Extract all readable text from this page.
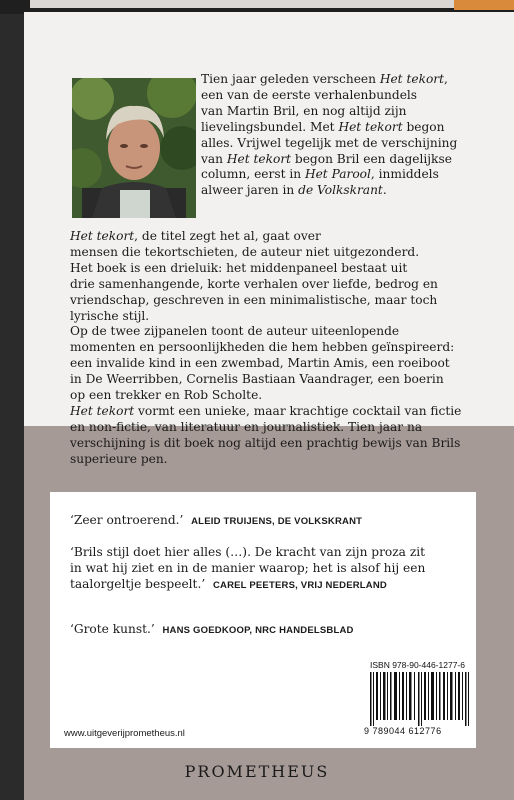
Tien jaar geleden verscheen Het tekort,

een van de eerste verhalenbundels

van Martin Bril, en nog altijd zijn

lievelingsbundel. Met Het tekort begon

alles. Vrijwel tegelijk met de verschijning

van Het tekort begon Bril een dagelijkse

column, eerst in Het Parool, inmiddels

alweer jaren in de Volkskrant.

Het tekort, de titel zegt het al, gaat over

mensen die tekortschieten, de auteur niet uitgezonderd.

Het boek is een drieluik: het middenpaneel bestaat uit

drie samenhangende, korte verhalen over liefde, bedrog en

vriendschap, geschreven in een minimalistische, maar toch

lyrische stijl.

Op de twee zijpanelen toont de auteur uiteenlopende

momenten en persoonlijkheden die hem hebben geïnspireerd:

een invalide kind in een zwembad, Martin Amis, een roeiboot

in De Weerribben, Cornelis Bastiaan Vaandrager, een boerin

op een trekker en Rob Scholte.

Het tekort vormt een unieke, maar krachtige cocktail van fictie

en non-fictie, van literatuur en journalistiek. Tien jaar na

verschijning is dit boek nog altijd een prachtig bewijs van Brils

superieure pen.

‘Zeer ontroerend.’ ALEID TRUIJENS, DE VOLKSKRANT
‘Brils stijl doet hier alles (…). De kracht van zijn proza zit
in wat hij ziet en in de manier waarop; het is alsof hij een
taalorgeltje bespeelt.’ CAREL PEETERS, VRIJ NEDERLAND
‘Grote kunst.’ HANS GOEDKOOP, NRC HANDELSBLAD
ISBN 978-90-446-1277-6
9 789044 612776
www.uitgeverijprometheus.nl
PROMETHEUS
